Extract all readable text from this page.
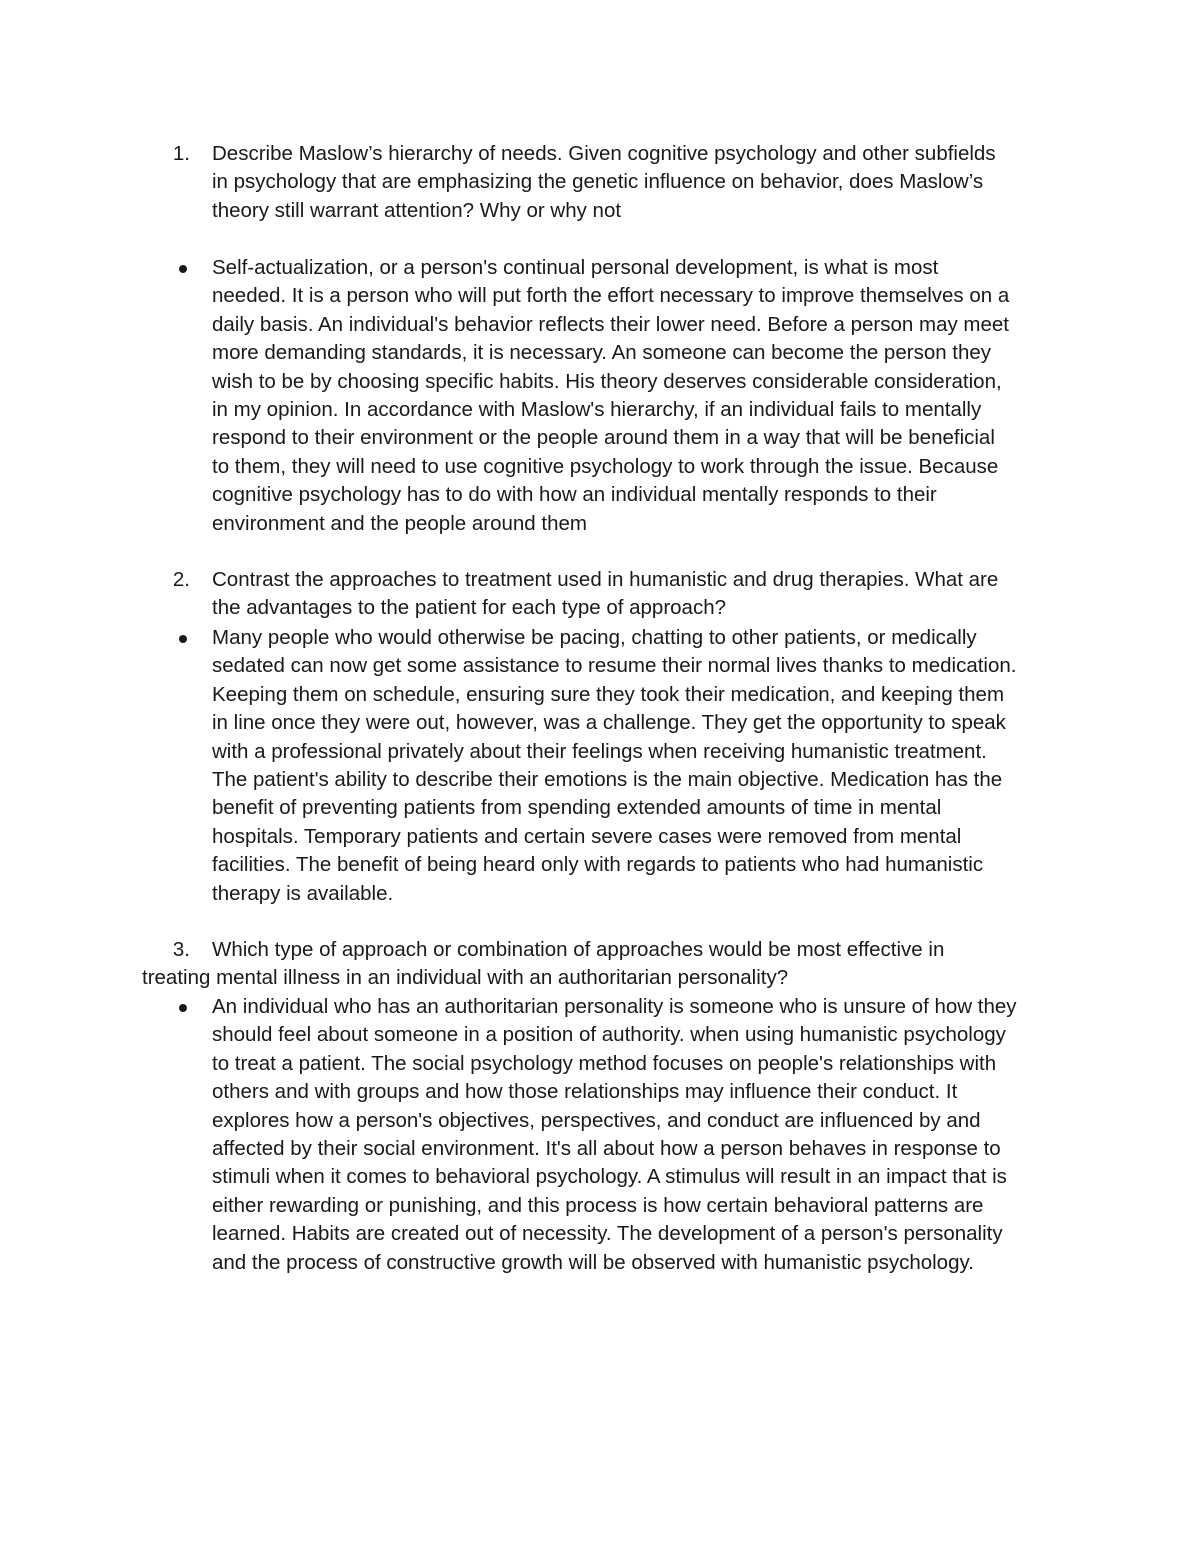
1. Describe Maslow’s hierarchy of needs. Given cognitive psychology and other subfields
in psychology that are emphasizing the genetic influence on behavior, does Maslow’s
theory still warrant attention? Why or why not
Self-actualization, or a person's continual personal development, is what is most
needed. It is a person who will put forth the effort necessary to improve themselves on a
daily basis. An individual's behavior reflects their lower need. Before a person may meet
more demanding standards, it is necessary. An someone can become the person they
wish to be by choosing specific habits. His theory deserves considerable consideration,
in my opinion. In accordance with Maslow's hierarchy, if an individual fails to mentally
respond to their environment or the people around them in a way that will be beneficial
to them, they will need to use cognitive psychology to work through the issue. Because
cognitive psychology has to do with how an individual mentally responds to their
environment and the people around them
2. Contrast the approaches to treatment used in humanistic and drug therapies. What are
the advantages to the patient for each type of approach?
Many people who would otherwise be pacing, chatting to other patients, or medically
sedated can now get some assistance to resume their normal lives thanks to medication.
Keeping them on schedule, ensuring sure they took their medication, and keeping them
in line once they were out, however, was a challenge. They get the opportunity to speak
with a professional privately about their feelings when receiving humanistic treatment.
The patient's ability to describe their emotions is the main objective. Medication has the
benefit of preventing patients from spending extended amounts of time in mental
hospitals. Temporary patients and certain severe cases were removed from mental
facilities. The benefit of being heard only with regards to patients who had humanistic
therapy is available.
3.	Which type of approach or combination of approaches would be most effective in
treating mental illness in an individual with an authoritarian personality?
An individual who has an authoritarian personality is someone who is unsure of how they
should feel about someone in a position of authority. when using humanistic psychology
to treat a patient. The social psychology method focuses on people's relationships with
others and with groups and how those relationships may influence their conduct. It
explores how a person's objectives, perspectives, and conduct are influenced by and
affected by their social environment. It's all about how a person behaves in response to
stimuli when it comes to behavioral psychology. A stimulus will result in an impact that is
either rewarding or punishing, and this process is how certain behavioral patterns are
learned. Habits are created out of necessity. The development of a person's personality
and the process of constructive growth will be observed with humanistic psychology.
